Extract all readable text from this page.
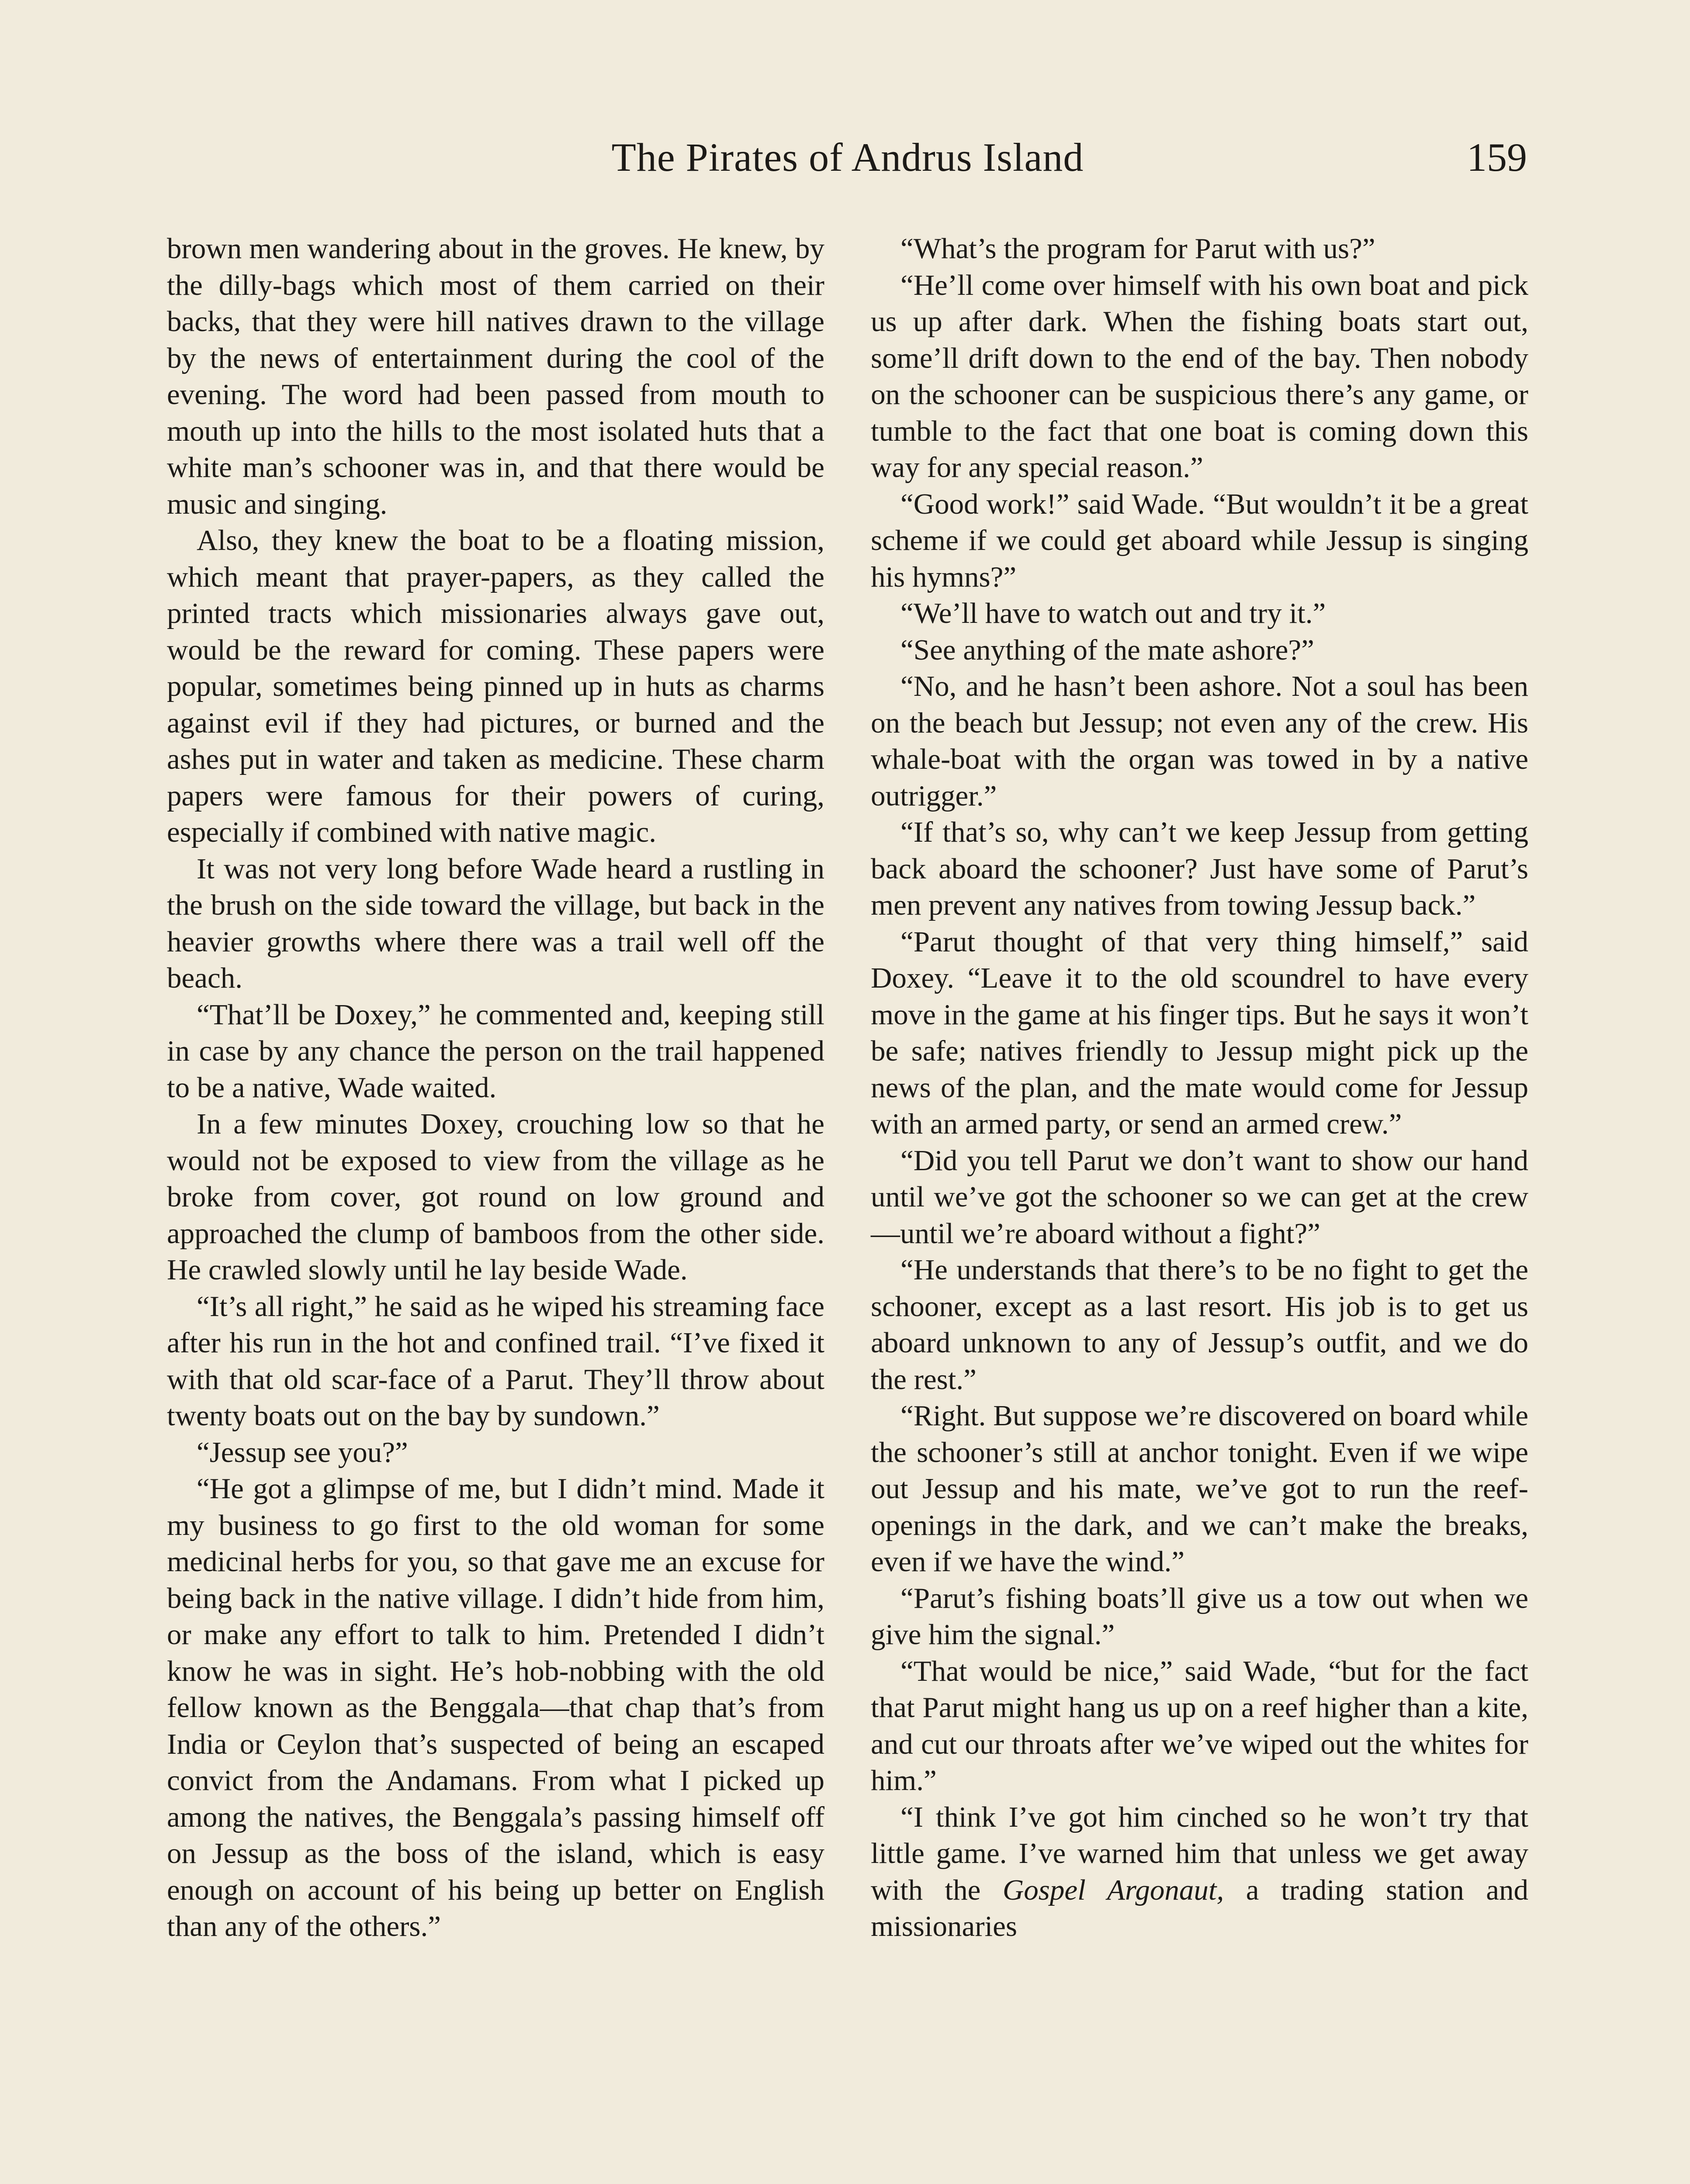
The Pirates of Andrus Island	159

brown men wandering about in the groves. He knew, by the dilly-bags which most of them carried on their backs, that they were hill natives drawn to the village by the news of entertainment during the cool of the evening. The word had been passed from mouth to mouth up into the hills to the most isolated huts that a white man’s schooner was in, and that there would be music and singing.

Also, they knew the boat to be a floating mission, which meant that prayer-papers, as they called the printed tracts which missionaries always gave out, would be the reward for coming. These papers were popular, sometimes being pinned up in huts as charms against evil if they had pictures, or burned and the ashes put in water and taken as medicine. These charm papers were famous for their powers of curing, especially if combined with native magic.

It was not very long before Wade heard a rustling in the brush on the side toward the village, but back in the heavier growths where there was a trail well off the beach.

“That’ll be Doxey,” he commented and, keeping still in case by any chance the person on the trail happened to be a native, Wade waited.

In a few minutes Doxey, crouching low so that he would not be exposed to view from the village as he broke from cover, got round on low ground and approached the clump of bamboos from the other side. He crawled slowly until he lay beside Wade.

“It’s all right,” he said as he wiped his streaming face after his run in the hot and confined trail. “I’ve fixed it with that old scar-face of a Parut. They’ll throw about twenty boats out on the bay by sundown.”

“Jessup see you?”

“He got a glimpse of me, but I didn’t mind. Made it my business to go first to the old woman for some medicinal herbs for you, so that gave me an excuse for being back in the native village. I didn’t hide from him, or make any effort to talk to him. Pretended I didn’t know he was in sight. He’s hob-nobbing with the old fellow known as the Benggala—that chap that’s from India or Ceylon that’s suspected of being an escaped convict from the Andamans. From what I picked up among the natives, the Benggala’s passing himself off on Jessup as the boss of the island, which is easy enough on account of his being up better on English than any of the others.”

“What’s the program for Parut with us?”

“He’ll come over himself with his own boat and pick us up after dark. When the fishing boats start out, some’ll drift down to the end of the bay. Then nobody on the schooner can be suspicious there’s any game, or tumble to the fact that one boat is coming down this way for any special reason.”

“Good work!” said Wade. “But wouldn’t it be a great scheme if we could get aboard while Jessup is singing his hymns?”

“We’ll have to watch out and try it.”

“See anything of the mate ashore?”

“No, and he hasn’t been ashore. Not a soul has been on the beach but Jessup; not even any of the crew. His whale-boat with the organ was towed in by a native outrigger.”

“If that’s so, why can’t we keep Jessup from getting back aboard the schooner? Just have some of Parut’s men prevent any natives from towing Jessup back.”

“Parut thought of that very thing himself,” said Doxey. “Leave it to the old scoundrel to have every move in the game at his finger tips. But he says it won’t be safe; natives friendly to Jessup might pick up the news of the plan, and the mate would come for Jessup with an armed party, or send an armed crew.”

“Did you tell Parut we don’t want to show our hand until we’ve got the schooner so we can get at the crew—until we’re aboard without a fight?”

“He understands that there’s to be no fight to get the schooner, except as a last resort. His job is to get us aboard unknown to any of Jessup’s outfit, and we do the rest.”

“Right. But suppose we’re discovered on board while the schooner’s still at anchor tonight. Even if we wipe out Jessup and his mate, we’ve got to run the reef-openings in the dark, and we can’t make the breaks, even if we have the wind.”

“Parut’s fishing boats’ll give us a tow out when we give him the signal.”

“That would be nice,” said Wade, “but for the fact that Parut might hang us up on a reef higher than a kite, and cut our throats after we’ve wiped out the whites for him.”

“I think I’ve got him cinched so he won’t try that little game. I’ve warned him that unless we get away with the Gospel Argonaut, a trading station and missionaries
